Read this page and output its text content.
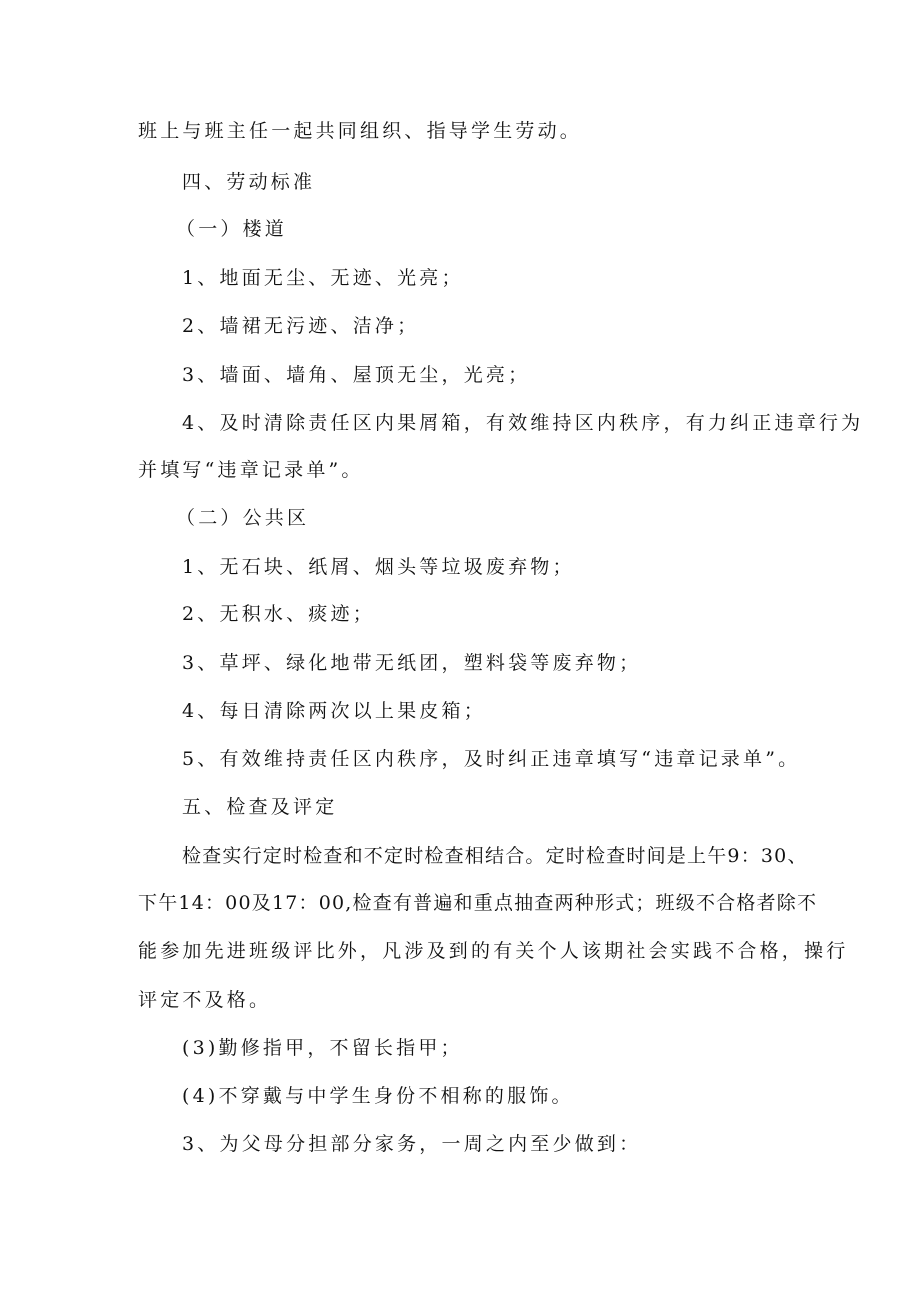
班上与班主任一起共同组织、指导学生劳动。
四、劳动标准
（一）楼道
1、地面无尘、无迹、光亮；
2、墙裙无污迹、洁净；
3、墙面、墙角、屋顶无尘，光亮；
4、及时清除责任区内果屑箱，有效维持区内秩序，有力纠正违章行为
并填写“违章记录单”。
（二）公共区
1、无石块、纸屑、烟头等垃圾废弃物；
2、无积水、痰迹；
3、草坪、绿化地带无纸团，塑料袋等废弃物；
4、每日清除两次以上果皮箱；
5、有效维持责任区内秩序，及时纠正违章填写“违章记录单”。
五、检查及评定
检查实行定时检查和不定时检查相结合。定时检查时间是上午9：30、
下午14：00及17：00,检查有普遍和重点抽查两种形式；班级不合格者除不
能参加先进班级评比外，凡涉及到的有关个人该期社会实践不合格，操行
评定不及格。
(3)勤修指甲，不留长指甲；
(4)不穿戴与中学生身份不相称的服饰。
3、为父母分担部分家务，一周之内至少做到：
